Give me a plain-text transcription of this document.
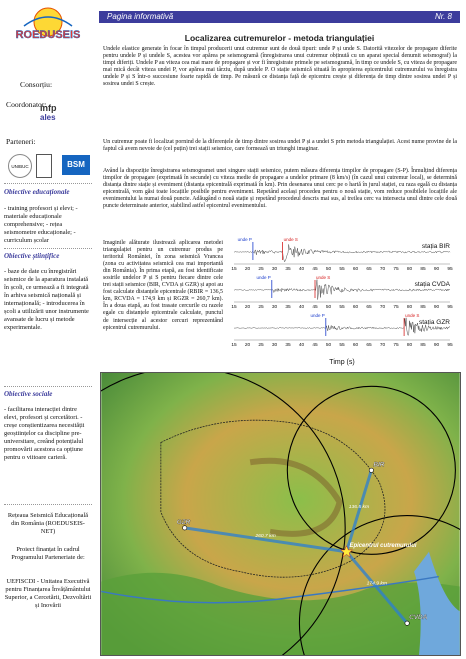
ROEDUSEIS
Consorțiu:
Coordonator:
infp
ales
Parteneri:
UNIBUC	BSM
Obiective educaționale
- training profesori și elevi; - materiale educaționale comprehensive; - rețea seismometre educaționale; - curriculum școlar
Obiective științifice
- baze de date cu înregistrări seismice de la aparatura instalată în școli, ce urmează a fi integrată în arhiva seismică națională și internațională; - introducerea în școli a utilizării unor instrumente avansate de lucru și metode experimentale.
Obiective sociale
- facilitarea interacției dintre elevi, profesori și cercetători. - creșe conștientizarea necesității geoștiințelor ca discipline pre-universitare, creând potențialul promovării acestora ca opțiune pentru o viitoare carieră.
Rețeaua Seismică Educațională din România (ROEDUSEIS-NET)
Proiect finanțat în cadrul Programului Parteneriate de:
UEFISCDI - Unitatea Executivă pentru Finanțarea Învățământului Superior, a Cercetării, Dezvoltării și Inovării
Pagina informativă	Nr. 8
Localizarea cutremurelor - metoda triangulației
Undele elastice generate în focar în timpul producerii unui cutremur sunt de două tipuri: unde P și unde S. Datorită vitezelor de propagare diferite pentru undele P și undele S, acestea vor apărea pe seismogramă (înregistrarea unui cutremur obținută cu un aparat special denumit seismograf) la timpi diferiți. Undele P au viteza cea mai mare de propagare și vor fi înregistrate primele pe seismogramă, în timp ce undele S, cu viteza de propagare mai mică decât viteza undei P, vor apărea mai târziu, după undele P. O stație seismică situată în apropierea epicentrului cutremurului va înregistra undele P și S într-o succesiune foarte rapidă de timp. Pe măsură ce distanța față de epicentru crește și diferența de timp dintre sosirea undei P și sosirea undei S crește.
Un cutremur poate fi localizat pornind de la diferențele de timp dintre sosirea undei P și a undei S prin metoda triangulației. Acest nume provine de la faptul că avem nevoie de (cel puțin) trei stații seismice, care formează un triunghi imaginar.
Având la dispoziție înregistrarea seismogramei unei singure stații seismice, putem măsura diferența timpilor de propagare (S-P). Înmulțind diferența timpilor de propagare (exprimată în secunde) cu viteza medie de propagare a undelor primare (8 km/s) (în cazul unui cutremur local), se determină distanța dintre stație și eveniment (distanța epicentrală exprimată în km). Prin desenarea unui cerc pe o hartă în jurul stației, cu raza egală cu distanța epicentrală, vom găsi toate locațiile posibile pentru eveniment. Repetând același procedeu pentru o nouă stație, vom reduce posibilele locațiile ale evenimentului la numai două puncte. Adăugând o nouă stație și repetând procedeul descris mai sus, al treilea cerc va intersecta unul dintre cele două puncte determinate anterior, stabilind astfel epicentrul evenimentului.
Imaginile alăturate ilustrează aplicarea metodei triangulației pentru un cutremur produs pe teritoriul României, în zona seismică Vrancea (zona cu activitatea seismică cea mai importantă din România). În prima etapă, au fost identificate sosirile undelor P și S pentru fiecare dintre cele trei stații seismice (BIR, CVDA și GZR) și apoi au fost calculate distanțele epicentrale (RBIR = 136,5 km, RCVDA = 174,9 km și RGZR = 260,7 km). În a doua etapă, au fost trasate cercurile cu razele egale cu distanțele epicentrale calculate, punctul de intersecție al acestor cercuri reprezentând epicentrul cutremurului.
unde P	unde S
stația BIR
15 20 25 30 35 40 45 50 55 60 65 70 75 80 85 90 95
unde P	unde S
stația CVDA
15 20 25 30 35 40 45 50 55 60 65 70 75 80 85 90 95
unde P	unde S
stația GZR
15 20 25 30 35 40 45 50 55 60 65 70 75 80 85 90 95
Timp (s)
BIR
136.5 km
CVDA
174.9 km
GZR
260.7 km
Epicentrul cutremurului
